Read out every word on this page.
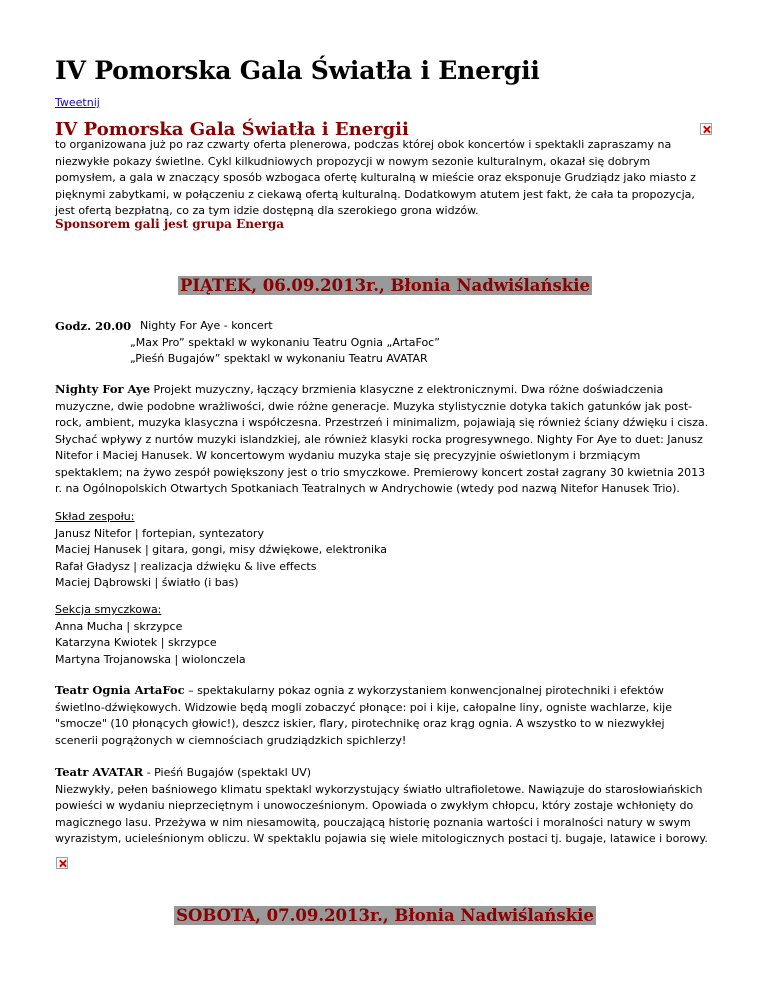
IV Pomorska Gala Światła i Energii
Tweetnij
IV Pomorska Gala Światła i Energii

to organizowana już po raz czwarty oferta plenerowa, podczas której obok koncertów i spektakli zapraszamy na niezwykłe pokazy świetlne. Cykl kilkudniowych propozycji w nowym sezonie kulturalnym, okazał się dobrym pomysłem, a gala w znaczący sposób wzbogaca ofertę kulturalną w mieście oraz eksponuje Grudziądz jako miasto z pięknymi zabytkami, w połączeniu z ciekawą ofertą kulturalną. Dodatkowym atutem jest fakt, że cała ta propozycja, jest ofertą bezpłatną, co za tym idzie dostępną dla szerokiego grona widzów.

Sponsorem gali jest grupa Energa
PIĄTEK, 06.09.2013r., Błonia Nadwiślańskie
Godz. 20.00 Nighty For Aye - koncert
„Max Pro” spektakl w wykonaniu Teatru Ognia „ArtaFoc”
„Pieśń Bugajów” spektakl w wykonaniu Teatru AVATAR

Nighty For Aye Projekt muzyczny, łączący brzmienia klasyczne z elektronicznymi. Dwa różne doświadczenia muzyczne, dwie podobne wrażliwości, dwie różne generacje. Muzyka stylistycznie dotyka takich gatunków jak post-rock, ambient, muzyka klasyczna i współczesna. Przestrzeń i minimalizm, pojawiają się również ściany dźwięku i cisza. Słychać wpływy z nurtów muzyki islandzkiej, ale również klasyki rocka progresywnego. Nighty For Aye to duet: Janusz Nitefor i Maciej Hanusek. W koncertowym wydaniu muzyka staje się precyzyjnie oświetlonym i brzmiącym spektaklem; na żywo zespół powiększony jest o trio smyczkowe. Premierowy koncert został zagrany 30 kwietnia 2013 r. na Ogólnopolskich Otwartych Spotkaniach Teatralnych w Andrychowie (wtedy pod nazwą Nitefor Hanusek Trio).

Skład zespołu:
Janusz Nitefor | fortepian, syntezatory
Maciej Hanusek | gitara, gongi, misy dźwiękowe, elektronika
Rafał Gładysz | realizacja dźwięku & live effects
Maciej Dąbrowski | światło (i bas)
Sekcja smyczkowa:
Anna Mucha | skrzypce
Katarzyna Kwiotek | skrzypce
Martyna Trojanowska | wiolonczela

Teatr Ognia ArtaFoc – spektakularny pokaz ognia z wykorzystaniem konwencjonalnej pirotechniki i efektów świetlno-dźwiękowych. Widzowie będą mogli zobaczyć płonące: poi i kije, całopalne liny, ogniste wachlarze, kije "smocze" (10 płonących głowic!), deszcz iskier, flary, pirotechnikę oraz krąg ognia. A wszystko to w niezwykłej scenerii pogrążonych w ciemnościach grudziądzkich spichlerzy!

Teatr AVATAR - Pieśń Bugajów (spektakl UV)
Niezwykły, pełen baśniowego klimatu spektakl wykorzystujący światło ultrafioletowe. Nawiązuje do starosłowiańskich powieści w wydaniu nieprzeciętnym i unowocześnionym. Opowiada o zwykłym chłopcu, który zostaje wchłonięty do magicznego lasu. Przeżywa w nim niesamowitą, pouczającą historię poznania wartości i moralności natury w swym wyrazistym, ucieleśnionym obliczu. W spektaklu pojawia się wiele mitologicznych postaci tj. bugaje, latawice i borowy.
SOBOTA, 07.09.2013r., Błonia Nadwiślańskie
